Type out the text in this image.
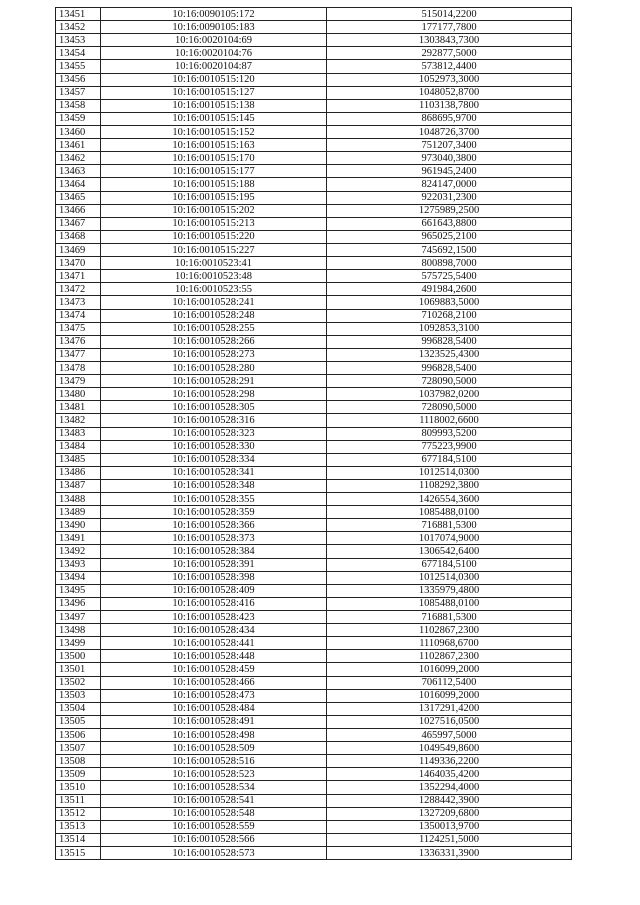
13451	10:16:0090105:172	515014,2200
13452	10:16:0090105:183	177177,7800
13453	10:16:0020104:69	1303843,7300
13454	10:16:0020104:76	292877,5000
13455	10:16:0020104:87	573812,4400
13456	10:16:0010515:120	1052973,3000
13457	10:16:0010515:127	1048052,8700
13458	10:16:0010515:138	1103138,7800
13459	10:16:0010515:145	868695,9700
13460	10:16:0010515:152	1048726,3700
13461	10:16:0010515:163	751207,3400
13462	10:16:0010515:170	973040,3800
13463	10:16:0010515:177	961945,2400
13464	10:16:0010515:188	824147,0000
13465	10:16:0010515:195	922031,2300
13466	10:16:0010515:202	1275989,2500
13467	10:16:0010515:213	661643,8800
13468	10:16:0010515:220	965025,2100
13469	10:16:0010515:227	745692,1500
13470	10:16:0010523:41	800898,7000
13471	10:16:0010523:48	575725,5400
13472	10:16:0010523:55	491984,2600
13473	10:16:0010528:241	1069883,5000
13474	10:16:0010528:248	710268,2100
13475	10:16:0010528:255	1092853,3100
13476	10:16:0010528:266	996828,5400
13477	10:16:0010528:273	1323525,4300
13478	10:16:0010528:280	996828,5400
13479	10:16:0010528:291	728090,5000
13480	10:16:0010528:298	1037982,0200
13481	10:16:0010528:305	728090,5000
13482	10:16:0010528:316	1118002,6600
13483	10:16:0010528:323	809993,5200
13484	10:16:0010528:330	775223,9900
13485	10:16:0010528:334	677184,5100
13486	10:16:0010528:341	1012514,0300
13487	10:16:0010528:348	1108292,3800
13488	10:16:0010528:355	1426554,3600
13489	10:16:0010528:359	1085488,0100
13490	10:16:0010528:366	716881,5300
13491	10:16:0010528:373	1017074,9000
13492	10:16:0010528:384	1306542,6400
13493	10:16:0010528:391	677184,5100
13494	10:16:0010528:398	1012514,0300
13495	10:16:0010528:409	1335979,4800
13496	10:16:0010528:416	1085488,0100
13497	10:16:0010528:423	716881,5300
13498	10:16:0010528:434	1102867,2300
13499	10:16:0010528:441	1110968,6700
13500	10:16:0010528:448	1102867,2300
13501	10:16:0010528:459	1016099,2000
13502	10:16:0010528:466	706112,5400
13503	10:16:0010528:473	1016099,2000
13504	10:16:0010528:484	1317291,4200
13505	10:16:0010528:491	1027516,0500
13506	10:16:0010528:498	465997,5000
13507	10:16:0010528:509	1049549,8600
13508	10:16:0010528:516	1149336,2200
13509	10:16:0010528:523	1464035,4200
13510	10:16:0010528:534	1352294,4000
13511	10:16:0010528:541	1288442,3900
13512	10:16:0010528:548	1327209,6800
13513	10:16:0010528:559	1350013,9700
13514	10:16:0010528:566	1124251,5000
13515	10:16:0010528:573	1336331,3900
